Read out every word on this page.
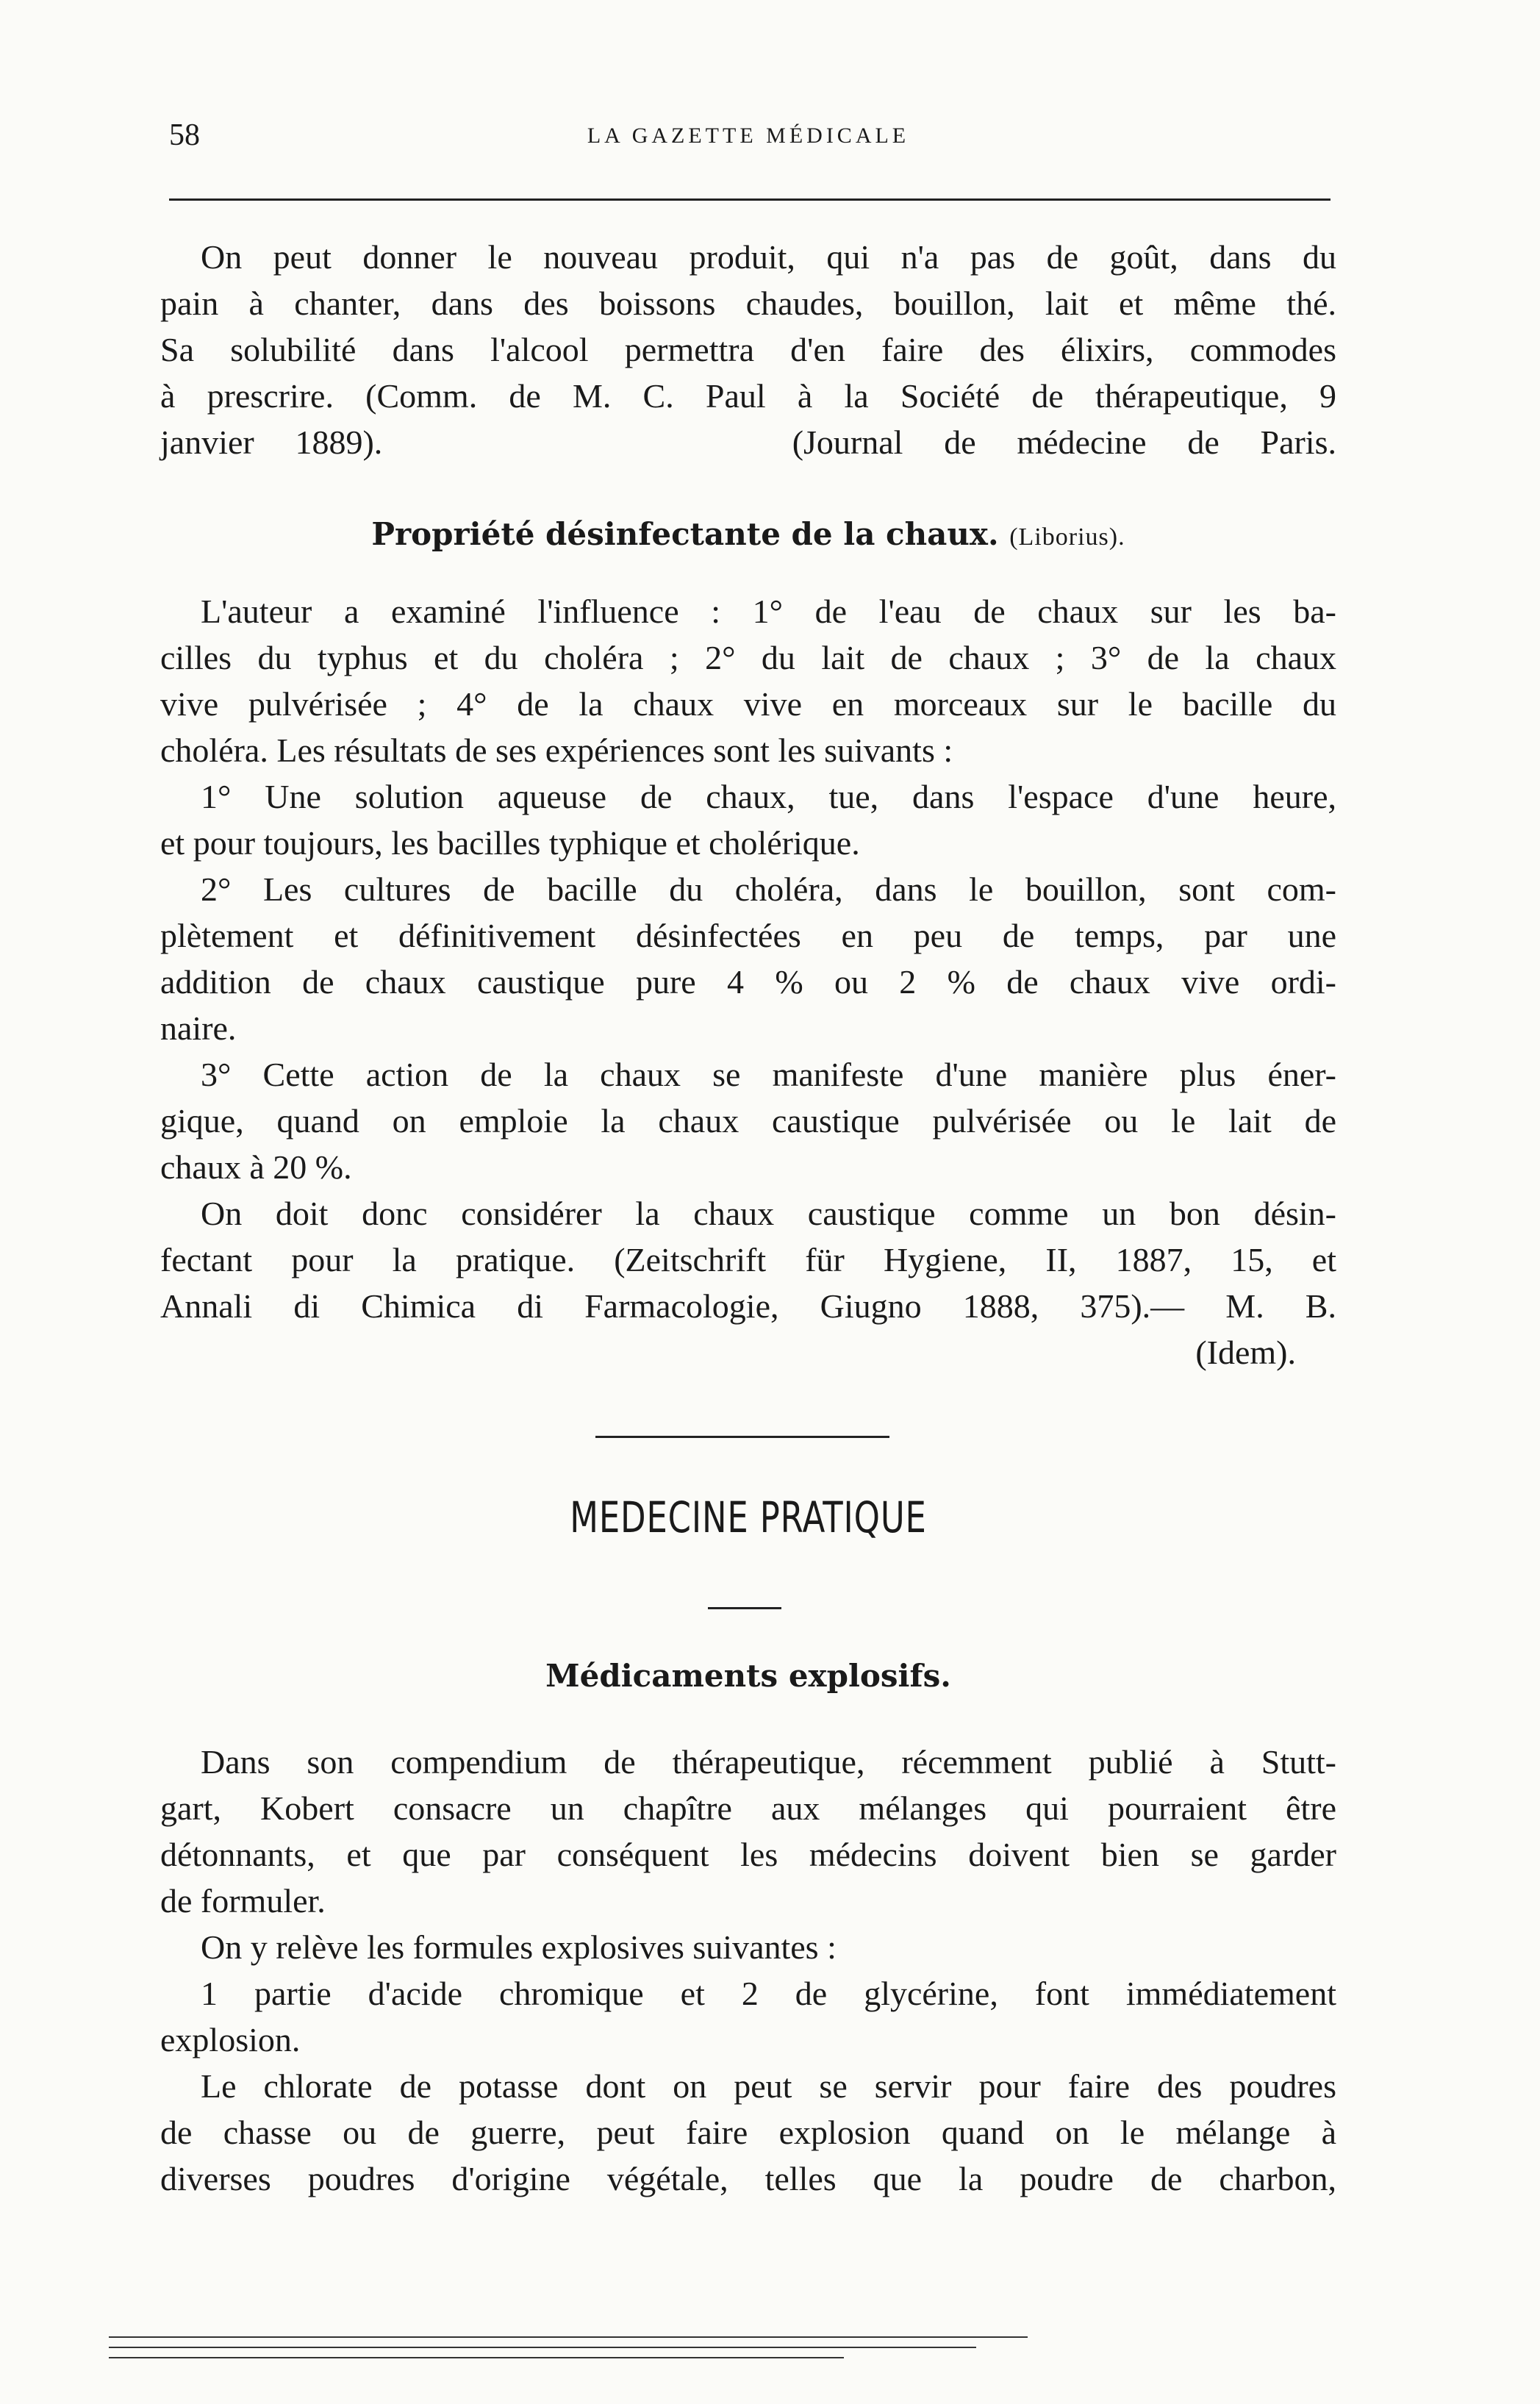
58	LA GAZETTE MÉDICALE

On peut donner le nouveau produit, qui n'a pas de goût, dans du

pain à chanter, dans des boissons chaudes, bouillon, lait et même thé.

Sa solubilité dans l'alcool permettra d'en faire des élixirs, commodes

à prescrire. (Comm. de M. C. Paul à la Société de thérapeutique, 9

janvier 1889).          (Journal de médecine de Paris.

Propriété désinfectante de la chaux. (Liborius).

L'auteur a examiné l'influence : 1° de l'eau de chaux sur les ba-

cilles du typhus et du choléra ; 2° du lait de chaux ; 3° de la chaux

vive pulvérisée ; 4° de la chaux vive en morceaux sur le bacille du

choléra. Les résultats de ses expériences sont les suivants :

1° Une solution aqueuse de chaux, tue, dans l'espace d'une heure,

et pour toujours, les bacilles typhique et cholérique.

2° Les cultures de bacille du choléra, dans le bouillon, sont com-

plètement et définitivement désinfectées en peu de temps, par une

addition de chaux caustique pure 4 % ou 2 % de chaux vive ordi-

naire.

3° Cette action de la chaux se manifeste d'une manière plus éner-

gique, quand on emploie la chaux caustique pulvérisée ou le lait de

chaux à 20 %.

On doit donc considérer la chaux caustique comme un bon désin-

fectant pour la pratique. (Zeitschrift für Hygiene, II, 1887, 15, et

Annali di Chimica di Farmacologie, Giugno 1888, 375).— M. B.

(Idem).

MEDECINE PRATIQUE

Médicaments explosifs.

Dans son compendium de thérapeutique, récemment publié à Stutt-

gart, Kobert consacre un chapître aux mélanges qui pourraient être

détonnants, et que par conséquent les médecins doivent bien se garder

de formuler.

On y relève les formules explosives suivantes :

1 partie d'acide chromique et 2 de glycérine, font immédiatement

explosion.

Le chlorate de potasse dont on peut se servir pour faire des poudres

de chasse ou de guerre, peut faire explosion quand on le mélange à

diverses poudres d'origine végétale, telles que la poudre de charbon,
